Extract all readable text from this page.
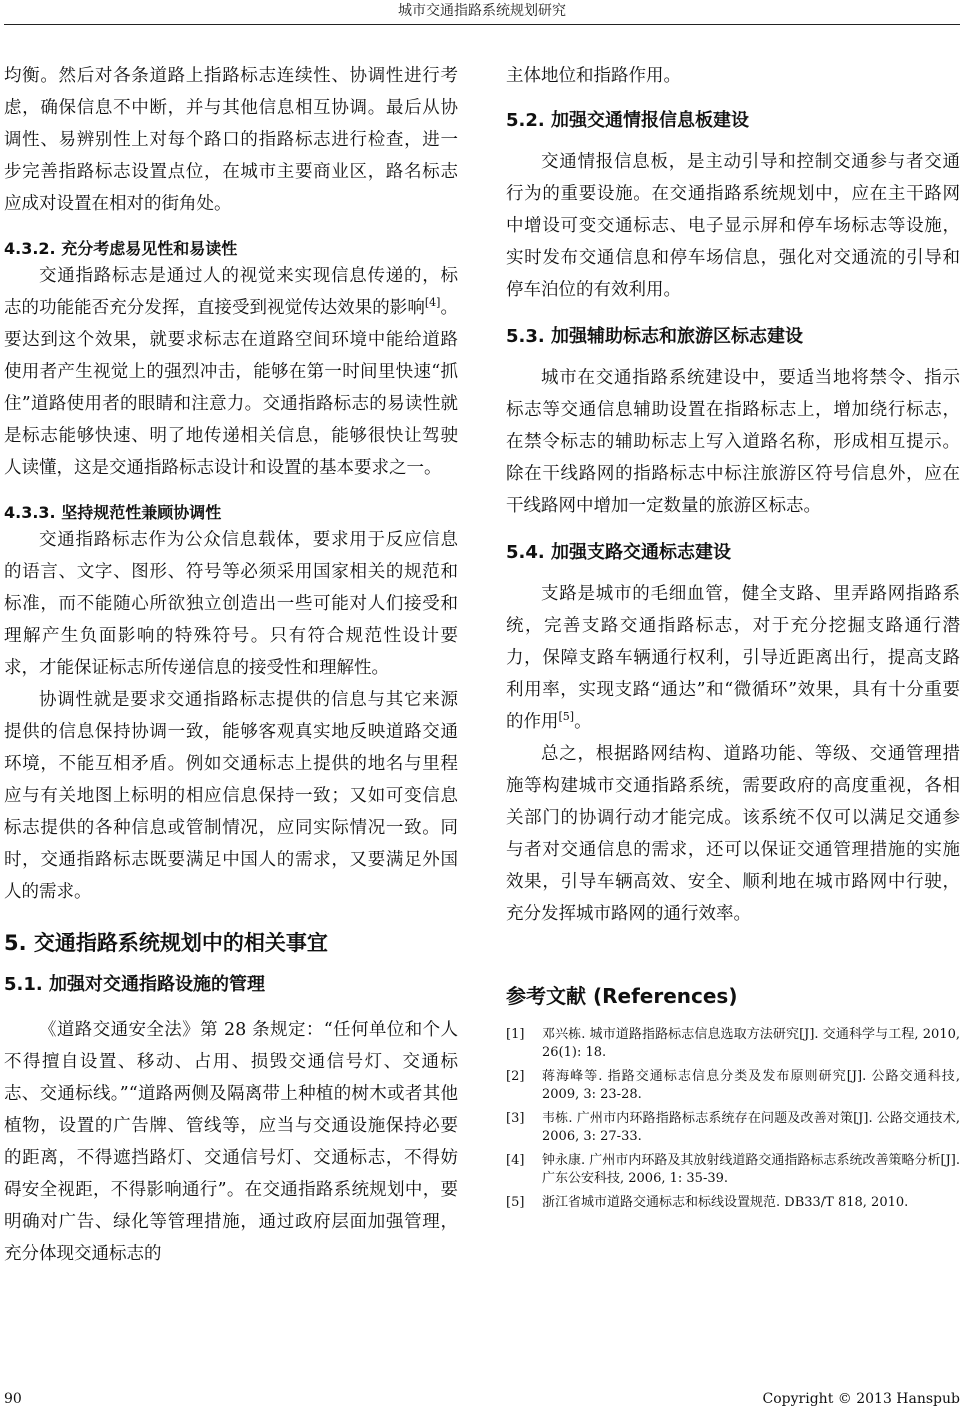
城市交通指路系统规划研究

均衡。然后对各条道路上指路标志连续性、协调性进行考虑，确保信息不中断，并与其他信息相互协调。最后从协调性、易辨别性上对每个路口的指路标志进行检查，进一步完善指路标志设置点位，在城市主要商业区，路名标志应成对设置在相对的街角处。

4.3.2. 充分考虑易见性和易读性

交通指路标志是通过人的视觉来实现信息传递的，标志的功能能否充分发挥，直接受到视觉传达效果的影响[4]。要达到这个效果，就要求标志在道路空间环境中能给道路使用者产生视觉上的强烈冲击，能够在第一时间里快速“抓住”道路使用者的眼睛和注意力。交通指路标志的易读性就是标志能够快速、明了地传递相关信息，能够很快让驾驶人读懂，这是交通指路标志设计和设置的基本要求之一。

4.3.3. 坚持规范性兼顾协调性

交通指路标志作为公众信息载体，要求用于反应信息的语言、文字、图形、符号等必须采用国家相关的规范和标准，而不能随心所欲独立创造出一些可能对人们接受和理解产生负面影响的特殊符号。只有符合规范性设计要求，才能保证标志所传递信息的接受性和理解性。

协调性就是要求交通指路标志提供的信息与其它来源提供的信息保持协调一致，能够客观真实地反映道路交通环境，不能互相矛盾。例如交通标志上提供的地名与里程应与有关地图上标明的相应信息保持一致；又如可变信息标志提供的各种信息或管制情况，应同实际情况一致。同时，交通指路标志既要满足中国人的需求，又要满足外国人的需求。

5. 交通指路系统规划中的相关事宜
5.1. 加强对交通指路设施的管理

《道路交通安全法》第 28 条规定：“任何单位和个人不得擅自设置、移动、占用、损毁交通信号灯、交通标志、交通标线。”“道路两侧及隔离带上种植的树木或者其他植物，设置的广告牌、管线等，应当与交通设施保持必要的距离，不得遮挡路灯、交通信号灯、交通标志，不得妨碍安全视距，不得影响通行”。在交通指路系统规划中，要明确对广告、绿化等管理措施，通过政府层面加强管理，充分体现交通标志的

主体地位和指路作用。

5.2. 加强交通情报信息板建设

交通情报信息板，是主动引导和控制交通参与者交通行为的重要设施。在交通指路系统规划中，应在主干路网中增设可变交通标志、电子显示屏和停车场标志等设施，实时发布交通信息和停车场信息，强化对交通流的引导和停车泊位的有效利用。

5.3. 加强辅助标志和旅游区标志建设

城市在交通指路系统建设中，要适当地将禁令、指示标志等交通信息辅助设置在指路标志上，增加绕行标志，在禁令标志的辅助标志上写入道路名称，形成相互提示。除在干线路网的指路标志中标注旅游区符号信息外，应在干线路网中增加一定数量的旅游区标志。

5.4. 加强支路交通标志建设

支路是城市的毛细血管，健全支路、里弄路网指路系统，完善支路交通指路标志，对于充分挖掘支路通行潜力，保障支路车辆通行权利，引导近距离出行，提高支路利用率，实现支路“通达”和“微循环”效果，具有十分重要的作用[5]。

总之，根据路网结构、道路功能、等级、交通管理措施等构建城市交通指路系统，需要政府的高度重视，各相关部门的协调行动才能完成。该系统不仅可以满足交通参与者对交通信息的需求，还可以保证交通管理措施的实施效果，引导车辆高效、安全、顺利地在城市路网中行驶，充分发挥城市路网的通行效率。

参考文献 (References)
[1]	邓兴栋. 城市道路指路标志信息选取方法研究[J]. 交通科学与工程, 2010, 26(1): 18.
[2]	蒋海峰等. 指路交通标志信息分类及发布原则研究[J]. 公路交通科技, 2009, 3: 23-28.
[3]	韦栋. 广州市内环路指路标志系统存在问题及改善对策[J]. 公路交通技术, 2006, 3: 27-33.
[4]	钟永康. 广州市内环路及其放射线道路交通指路标志系统改善策略分析[J]. 广东公安科技, 2006, 1: 35-39.
[5]	浙江省城市道路交通标志和标线设置规范. DB33/T 818, 2010.
90	Copyright © 2013 Hanspub
